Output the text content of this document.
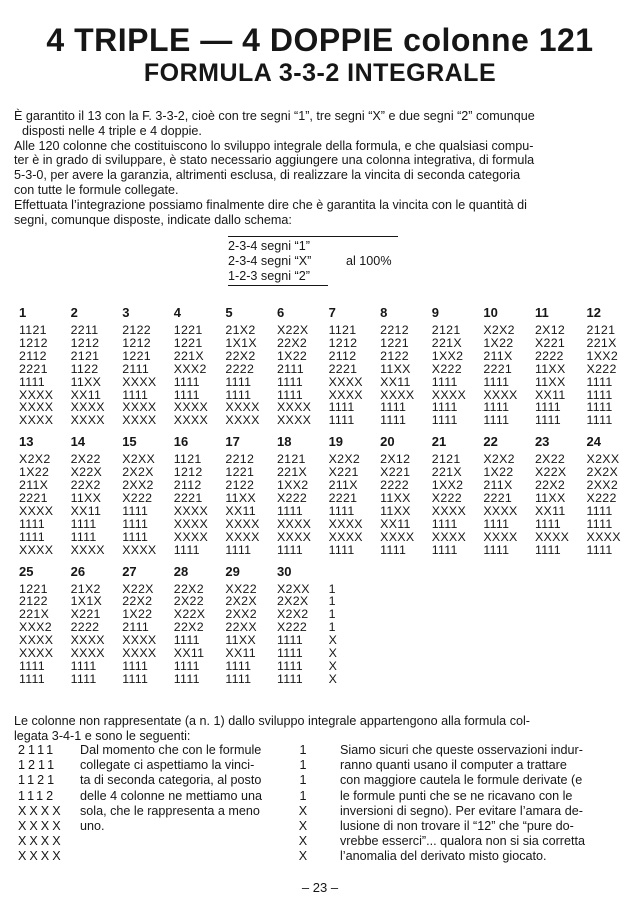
4 TRIPLE — 4 DOPPIE colonne 121
FORMULA 3-3-2 INTEGRALE
È garantito il 13 con la F. 3-3-2, cioè con tre segni “1”, tre segni “X” e due segni “2” comunque
disposti nelle 4 triple e 4 doppie.
Alle 120 colonne che costituiscono lo sviluppo integrale della formula, e che qualsiasi compu-
ter è in grado di sviluppare, è stato necessario aggiungere una colonna integrativa, di formula
5-3-0, per avere la garanzia, altrimenti esclusa, di realizzare la vincita di seconda categoria
con tutte le formule collegate.
Effettuata l’integrazione possiamo finalmente dire che è garantita la vincita con le quantità di
segni, comunque disposte, indicate dallo schema:
2-3-4 segni “1”
2-3-4 segni “X”	al 100%
1-2-3 segni “2”
1
1121
1212
2112
2221
1111
XXXX
XXXX
XXXX
2
2211
1212
2121
1122
11XX
XX11
XXXX
XXXX
3
2122
1212
1221
2111
XXXX
1111
XXXX
XXXX
4
1221
1221
221X
XXX2
1111
1111
XXXX
XXXX
5
21X2
1X1X
22X2
2222
1111
1111
XXXX
XXXX
6
X22X
22X2
1X22
2111
1111
1111
XXXX
XXXX
7
1121
1212
2112
2221
XXXX
XXXX
1111
1111
8
2212
1221
2122
11XX
XX11
XXXX
1111
1111
9
2121
221X
1XX2
X222
1111
XXXX
1111
1111
10
X2X2
1X22
211X
2221
1111
XXXX
1111
1111
11
2X12
X221
2222
11XX
11XX
XX11
1111
1111
12
2121
221X
1XX2
X222
1111
1111
1111
1111
13
X2X2
1X22
211X
2221
XXXX
1111
1111
XXXX
14
2X22
X22X
22X2
11XX
XX11
1111
1111
XXXX
15
X2XX
2X2X
2XX2
X222
1111
1111
1111
XXXX
16
1121
1212
2112
2221
XXXX
XXXX
XXXX
1111
17
2212
1221
2122
11XX
XX11
XXXX
XXXX
1111
18
2121
221X
1XX2
X222
1111
XXXX
XXXX
1111
19
X2X2
X221
211X
2221
1111
XXXX
XXXX
1111
20
2X12
X221
2222
11XX
11XX
XX11
XXXX
1111
21
2121
221X
1XX2
X222
XXXX
1111
XXXX
1111
22
X2X2
1X22
211X
2221
XXXX
1111
XXXX
1111
23
2X22
X22X
22X2
11XX
XX11
1111
XXXX
1111
24
X2XX
2X2X
2XX2
X222
1111
1111
XXXX
1111
25
1221
2122
221X
XXX2
XXXX
XXXX
1111
1111
26
21X2
1X1X
X221
2222
XXXX
XXXX
1111
1111
27
X22X
22X2
1X22
2111
XXXX
XXXX
1111
1111
28
22X2
2X22
X22X
22X2
1111
XX11
1111
1111
29
XX22
2X2X
2XX2
22XX
11XX
XX11
1111
1111
30
X2XX
2X2X
X2X2
X222
1111
1111
1111
1111
1
1
1
1
X
X
X
X
Le colonne non rappresentate (a n. 1) dallo sviluppo integrale appartengono alla formula col-
legata 3-4-1 e sono le seguenti:
2111
1211
1121
1112
XXXX
XXXX
XXXX
XXXX
Dal momento che con le formule
collegate ci aspettiamo la vinci-
ta di seconda categoria, al posto
delle 4 colonne ne mettiamo una
sola, che le rappresenta a meno
uno.
1
1
1
1
X
X
X
X
Siamo sicuri che queste osservazioni indur-
ranno quanti usano il computer a trattare
con maggiore cautela le formule derivate (e
le formule punti che se ne ricavano con le
inversioni di segno). Per evitare l’amara de-
lusione di non trovare il “12” che “pure do-
vrebbe esserci”... qualora non si sia corretta
l’anomalia del derivato misto giocato.
– 23 –
